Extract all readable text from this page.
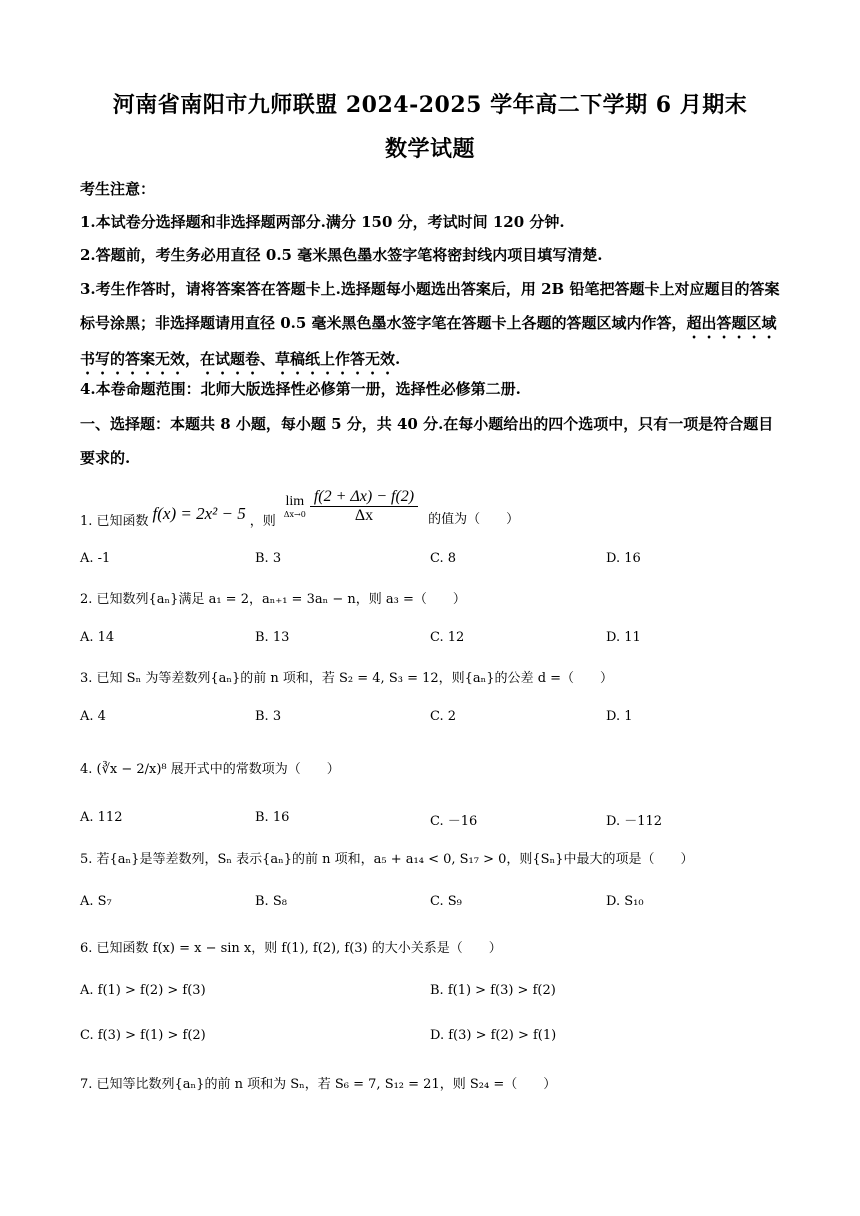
河南省南阳市九师联盟 2024-2025 学年高二下学期 6 月期末
数学试题
考生注意：
1.本试卷分选择题和非选择题两部分.满分 150 分，考试时间 120 分钟.
2.答题前，考生务必用直径 0.5 毫米黑色墨水签字笔将密封线内项目填写清楚.
3.考生作答时，请将答案答在答题卡上.选择题每小题选出答案后，用 2B 铅笔把答题卡上对应题目的答案标号涂黑；非选择题请用直径 0.5 毫米黑色墨水签字笔在答题卡上各题的答题区域内作答，超出答题区域书写的答案无效，在试题卷、草稿纸上作答无效.
4.本卷命题范围：北师大版选择性必修第一册，选择性必修第二册.
一、选择题：本题共 8 小题，每小题 5 分，共 40 分.在每小题给出的四个选项中，只有一项是符合题目要求的.
1. 已知函数 f(x) = 2x² − 5 ，则
lim
$\Delta x\to 0 \frac{f(2 + \Delta x) - f(2)}{\Delta x}$ 的值为（　　）
A. -1	B. 3	C. 8	D. 16
2. 已知数列{aₙ}满足 a₁ = 2，aₙ₊₁ = 3aₙ − n，则 a₃ =（　　）
A. 14	B. 13	C. 12	D. 11
3. 已知 Sₙ 为等差数列{aₙ}的前 n 项和，若 S₂ = 4, S₃ = 12，则{aₙ}的公差 d =（　　）
A. 4	B. 3	C. 2	D. 1
4. (∛x − 2/x)⁸ 展开式中的常数项为（　　）
A. 112	B. 16	C. －16	D. －112
5. 若{aₙ}是等差数列，Sₙ 表示{aₙ}的前 n 项和，a₅ + a₁₄ < 0, S₁₇ > 0，则{Sₙ}中最大的项是（　　）
A. S₇	B. S₈	C. S₉	D. S₁₀
6. 已知函数 f(x) = x − sin x，则 f(1), f(2), f(3) 的大小关系是（　　）
A. f(1) > f(2) > f(3)	B. f(1) > f(3) > f(2)
C. f(3) > f(1) > f(2)	D. f(3) > f(2) > f(1)
7. 已知等比数列{aₙ}的前 n 项和为 Sₙ，若 S₆ = 7, S₁₂ = 21，则 S₂₄ =（　　）
